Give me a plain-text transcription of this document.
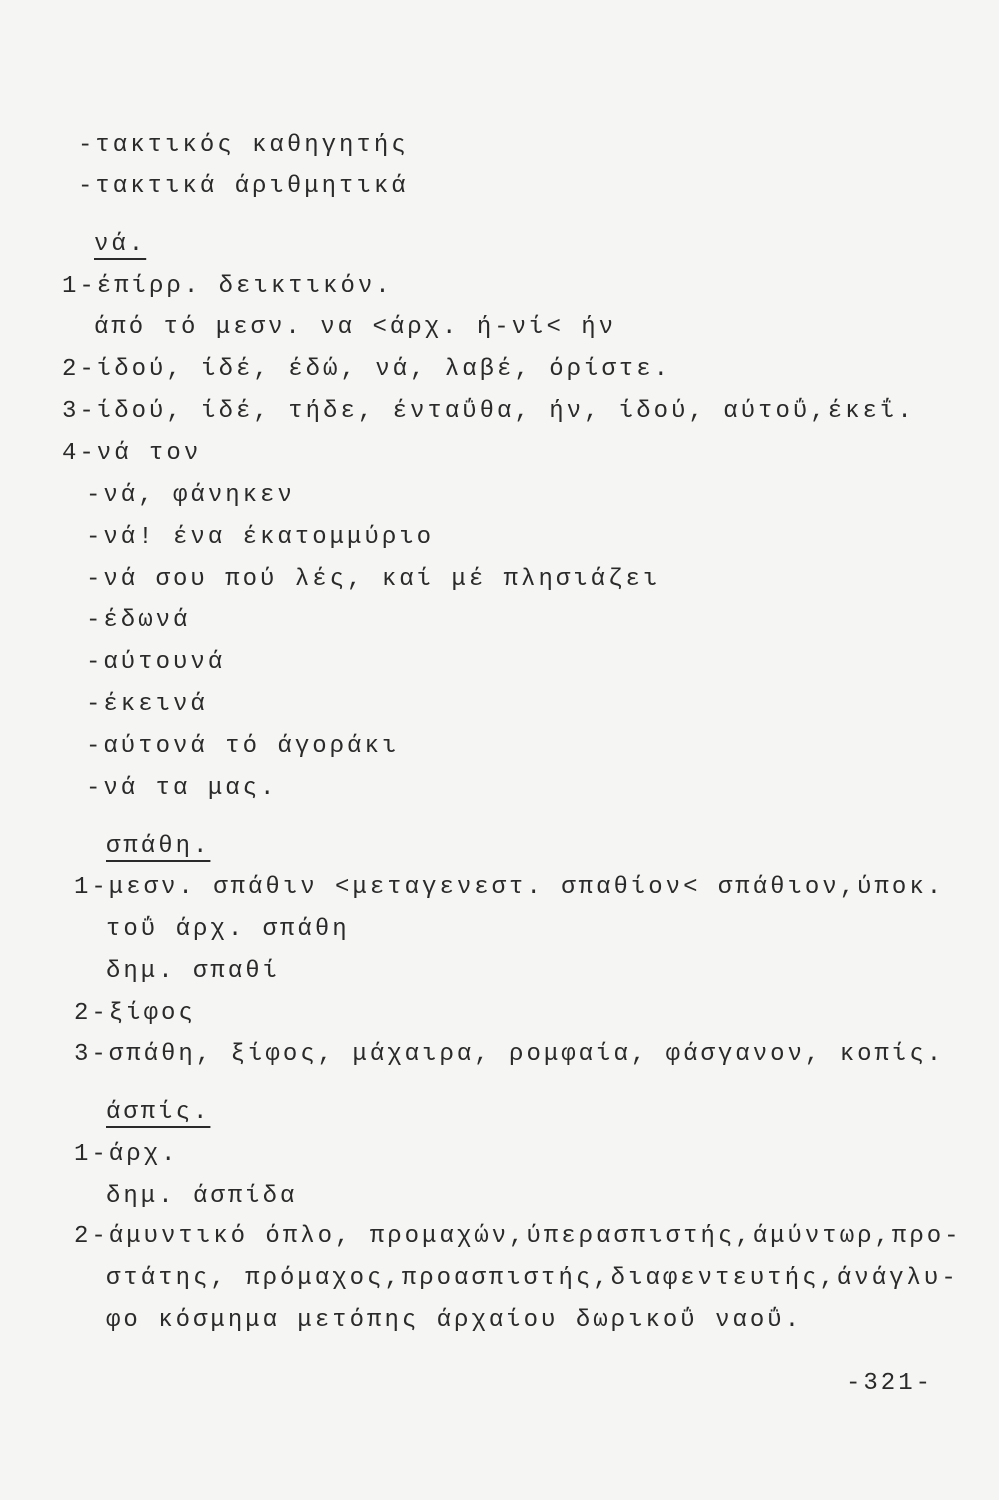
-τακτικός καθηγητής
-τακτικά άριθμητικά
νά.
1-έπίρρ. δεικτικόν.
άπό τό μεσν. να <άρχ. ή-νί< ήν
2-ίδού, ίδέ, έδώ, νά, λαβέ, όρίστε.
3-ίδού, ίδέ, τήδε, ένταΰθα, ήν, ίδού, αύτοΰ,έκεΐ.
4-νά τον
-νά, φάνηκεν
-νά! ένα έκατομμύριο
-νά σου πού λές, καί μέ πλησιάζει
-έδωνά
-αύτουνά
-έκεινά
-αύτονά τό άγοράκι
-νά τα μας.
σπάθη.
1-μεσν. σπάθιν <μεταγενεστ. σπαθίον< σπάθιον,ύποκ.
τοΰ άρχ. σπάθη
δημ. σπαθί
2-ξίφος
3-σπάθη, ξίφος, μάχαιρα, ρομφαία, φάσγανον, κοπίς.
άσπίς.
1-άρχ.
δημ. άσπίδα
2-άμυντικό όπλο, προμαχών,ύπερασπιστής,άμύντωρ,προ-
στάτης, πρόμαχος,προασπιστής,διαφεντευτής,άνάγλυ-
φο κόσμημα μετόπης άρχαίου δωρικοΰ ναοΰ.
-321-
